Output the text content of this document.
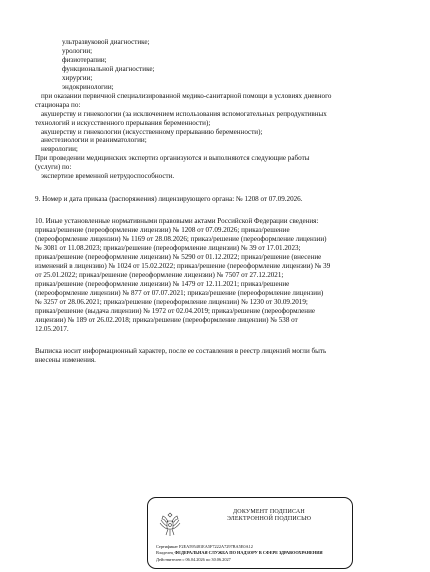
ультразвуковой диагностике;
урологии;
физиотерапии;
функциональной диагностике;
хирургии;
эндокринологии;
при оказании первичной специализированной медико-санитарной помощи в условиях дневного
стационара по:
акушерству и гинекологии (за исключением использования вспомогательных репродуктивных
технологий и искусственного прерывания беременности);
акушерству и гинекологии (искусственному прерыванию беременности);
анестезиологии и реаниматологии;
неврологии;
При проведении медицинских экспертиз организуются и выполняются следующие работы
(услуги) по:
экспертизе временной нетрудоспособности.
9. Номер и дата приказа (распоряжения) лицензирующего органа: № 1208 от 07.09.2026.
10. Иные установленные нормативными правовыми актами Российской Федерации сведения:
приказ/решение (переоформление лицензии) № 1208 от 07.09.2026; приказ/решение
(переоформление лицензии) № 1169 от 28.08.2026; приказ/решение (переоформление лицензии)
№ 3081 от 11.08.2023; приказ/решение (переоформление лицензии) № 39 от 17.01.2023;
приказ/решение (переоформление лицензии) № 5290 от 01.12.2022; приказ/решение (внесение
изменений в лицензию) № 1024 от 15.02.2022; приказ/решение (переоформление лицензии) № 39
от 25.01.2022; приказ/решение (переоформление лицензии) № 7507 от 27.12.2021;
приказ/решение (переоформление лицензии) № 1479 от 12.11.2021; приказ/решение
(переоформление лицензии) № 877 от 07.07.2021; приказ/решение (переоформление лицензии)
№ 3257 от 28.06.2021; приказ/решение (переоформление лицензии) № 1230 от 30.09.2019;
приказ/решение (выдача лицензии) № 1972 от 02.04.2019; приказ/решение (переоформление
лицензии) № 189 от 26.02.2018; приказ/решение (переоформление лицензии) № 538 от
12.05.2017.
Выписка носит информационный характер, после ее составления в реестр лицензий могли быть
внесены изменения.
ДОКУМЕНТ ПОДПИСАН
ЭЛЕКТРОННОЙ ПОДПИСЬЮ
Сертификат F2EA595481EA5F7222A7297BA5E0A12
Владелец ФЕДЕРАЛЬНАЯ СЛУЖБА ПО НАДЗОРУ В СФЕРЕ ЗДРАВООХРАНЕНИЯ
Действителен с 06.04.2026 по 30.06.2027
